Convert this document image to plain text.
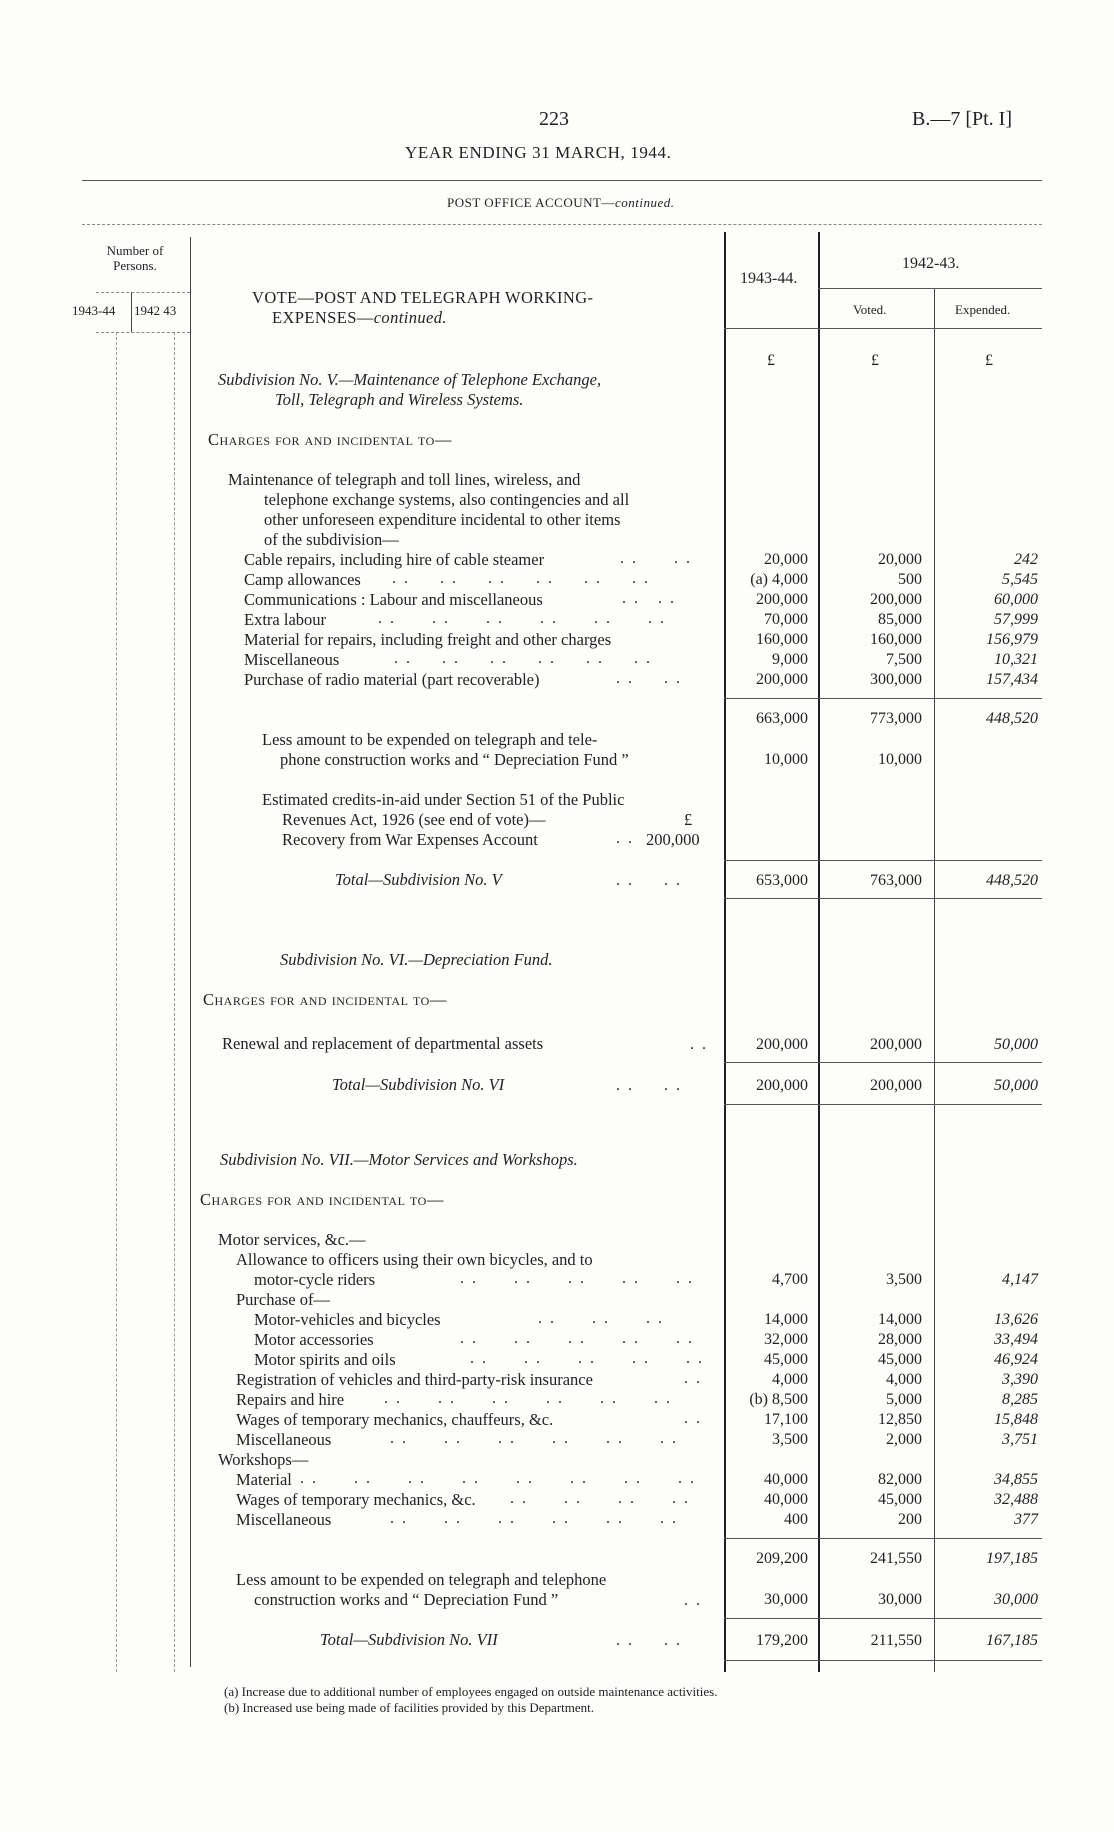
223	B.—7 [Pt. I]
YEAR ENDING 31 MARCH, 1944.
POST OFFICE ACCOUNT—continued.
Number of Persons.
1943-44 1942 43
VOTE—POST AND TELEGRAPH WORKING-
EXPENSES—continued.
1943-44.
1942-43.
Voted.	Expended.
£	£	£
Subdivision No. V.—Maintenance of Telephone Exchange,
Toll, Telegraph and Wireless Systems.
Charges for and incidental to—
Maintenance of telegraph and toll lines, wireless, and
telephone exchange systems, also contingencies and all
other unforeseen expenditure incidental to other items
of the subdivision—
Cable repairs, including hire of cable steamer	. .      . .	20,000	20,000	242
Camp allowances . .     . .     . .     . .     . .     . .	(a) 4,000	500	5,545
Communications : Labour and miscellaneous	. .   . .	200,000	200,000	60,000
Extra labour	. .      . .      . .      . .      . .      . .	70,000	85,000	57,999
Material for repairs, including freight and other charges	160,000	160,000	156,979
Miscellaneous	. .     . .     . .     . .     . .     . .	9,000	7,500	10,321
Purchase of radio material (part recoverable)	. .     . .	200,000	300,000	157,434
663,000	773,000	448,520
Less amount to be expended on telegraph and tele-
phone construction works and “ Depreciation Fund ”	10,000	10,000
Estimated credits-in-aid under Section 51 of the Public
Revenues Act, 1926 (see end of vote)—	£
Recovery from War Expenses Account	. . 200,000
Total—Subdivision No. V	. .     . .	653,000	763,000	448,520
Subdivision No. VI.—Depreciation Fund.
Charges for and incidental to—
Renewal and replacement of departmental assets	. .	200,000	200,000	50,000
Total—Subdivision No. VI	. .     . .	200,000	200,000	50,000
Subdivision No. VII.—Motor Services and Workshops.
Charges for and incidental to—
Motor services, &c.—
Allowance to officers using their own bicycles, and to
motor-cycle riders	. .      . .      . .      . .      . .	4,700	3,500	4,147
Purchase of—
Motor-vehicles and bicycles	. .      . .      . .	14,000	14,000	13,626
Motor accessories	. .      . .      . .      . .      . .	32,000	28,000	33,494
Motor spirits and oils	. .      . .      . .      . .      . .	45,000	45,000	46,924
Registration of vehicles and third-party-risk insurance	. .	4,000	4,000	3,390
Repairs and hire . .      . .      . .      . .      . .      . .	(b) 8,500	5,000	8,285
Wages of temporary mechanics, chauffeurs, &c.	. .	17,100	12,850	15,848
Miscellaneous	. .      . .      . .      . .      . .      . .	3,500	2,000	3,751
Workshops—
Material . .      . .      . .      . .      . .      . .      . .      . .	40,000	82,000	34,855
Wages of temporary mechanics, &c. . .      . .      . .      . .	40,000	45,000	32,488
Miscellaneous	. .      . .      . .      . .      . .      . .	400	200	377
209,200	241,550	197,185
Less amount to be expended on telegraph and telephone
construction works and “ Depreciation Fund ”	. .	30,000	30,000	30,000
Total—Subdivision No. VII	. .     . .	179,200	211,550	167,185
(a) Increase due to additional number of employees engaged on outside maintenance activities.
(b) Increased use being made of facilities provided by this Department.
